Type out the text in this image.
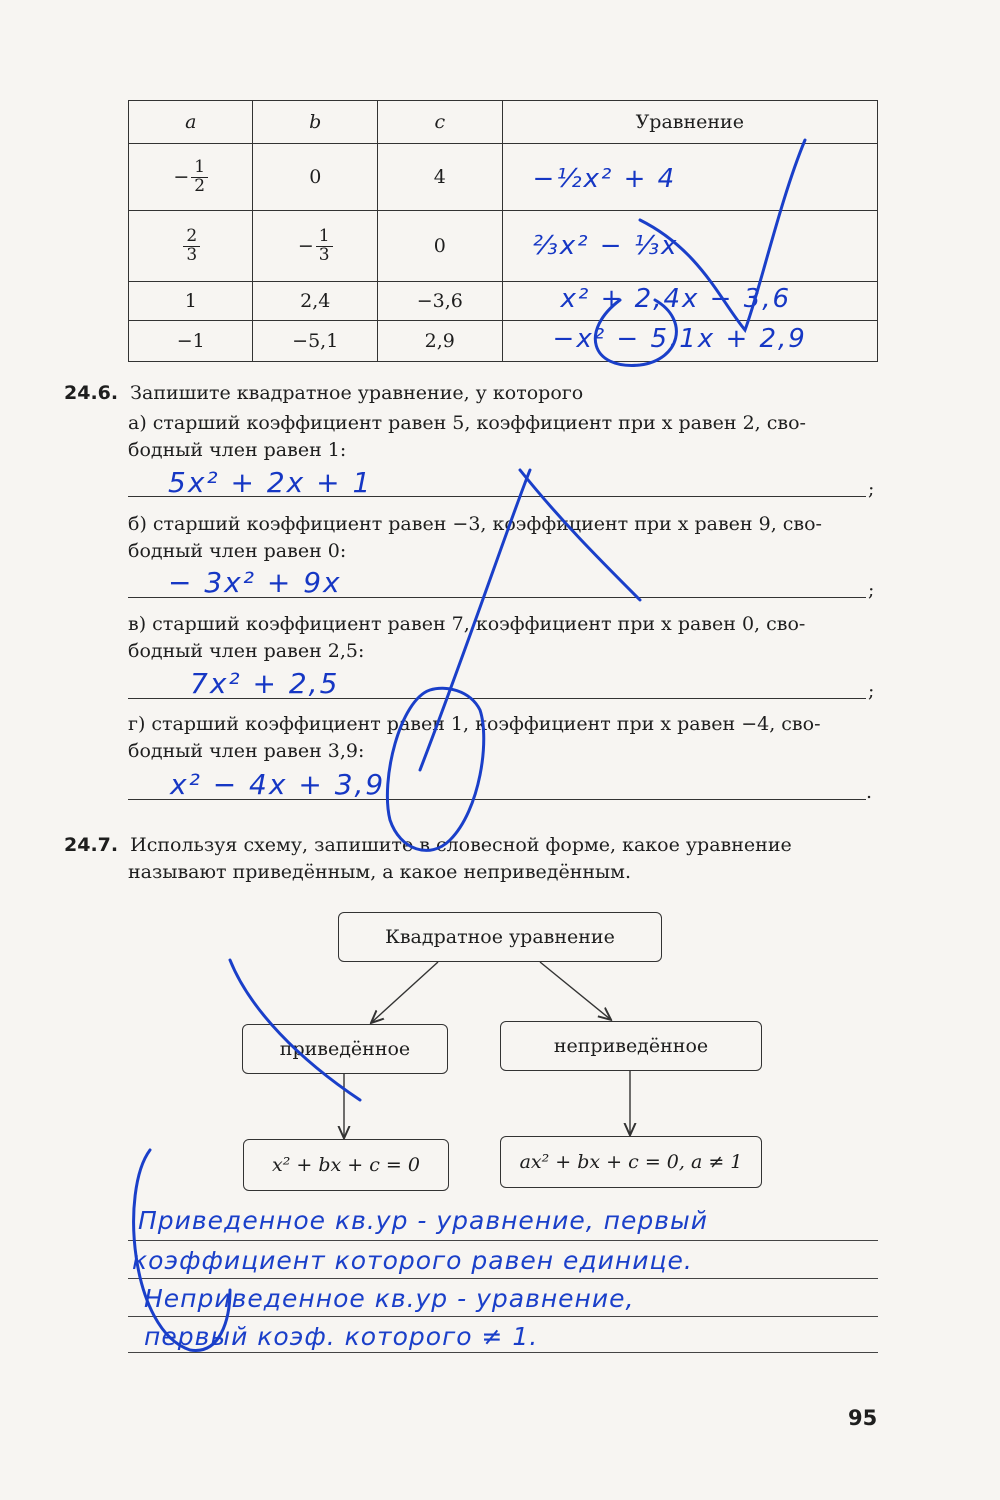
a	b	c	Уравнение

− $\frac{1}{2}$	0	4	−½x² + 4

$\frac{2}{3}$	− $\frac{1}{3}$	0	⅔x² − ⅓x

1	2,4	−3,6	x² + 2,4x − 3,6

−1	−5,1	2,9	−x² − 5,1x + 2,9
24.6. Запишите квадратное уравнение, у которого
а) старший коэффициент равен 5, коэффициент при x равен 2, сво-
бодный член равен 1:
5x² + 2x + 1	;
б) старший коэффициент равен −3, коэффициент при x равен 9, сво-
бодный член равен 0:
− 3x² + 9x	;
в) старший коэффициент равен 7, коэффициент при x равен 0, сво-
бодный член равен 2,5:
7x² + 2,5	;
г) старший коэффициент равен 1, коэффициент при x равен −4, сво-
бодный член равен 3,9:
x² − 4x + 3,9	.
24.7. Используя схему, запишите в словесной форме, какое уравнение
называют приведённым, а какое неприведённым.
Квадратное уравнение
приведённое	неприведённое
x² + bx + c = 0	ax² + bx + c = 0, a ≠ 1
Приведенное кв.ур - уравнение, первый
коэффициент которого равен единице.
Неприведенное кв.ур - уравнение,
первый коэф. которого ≠ 1.
95
